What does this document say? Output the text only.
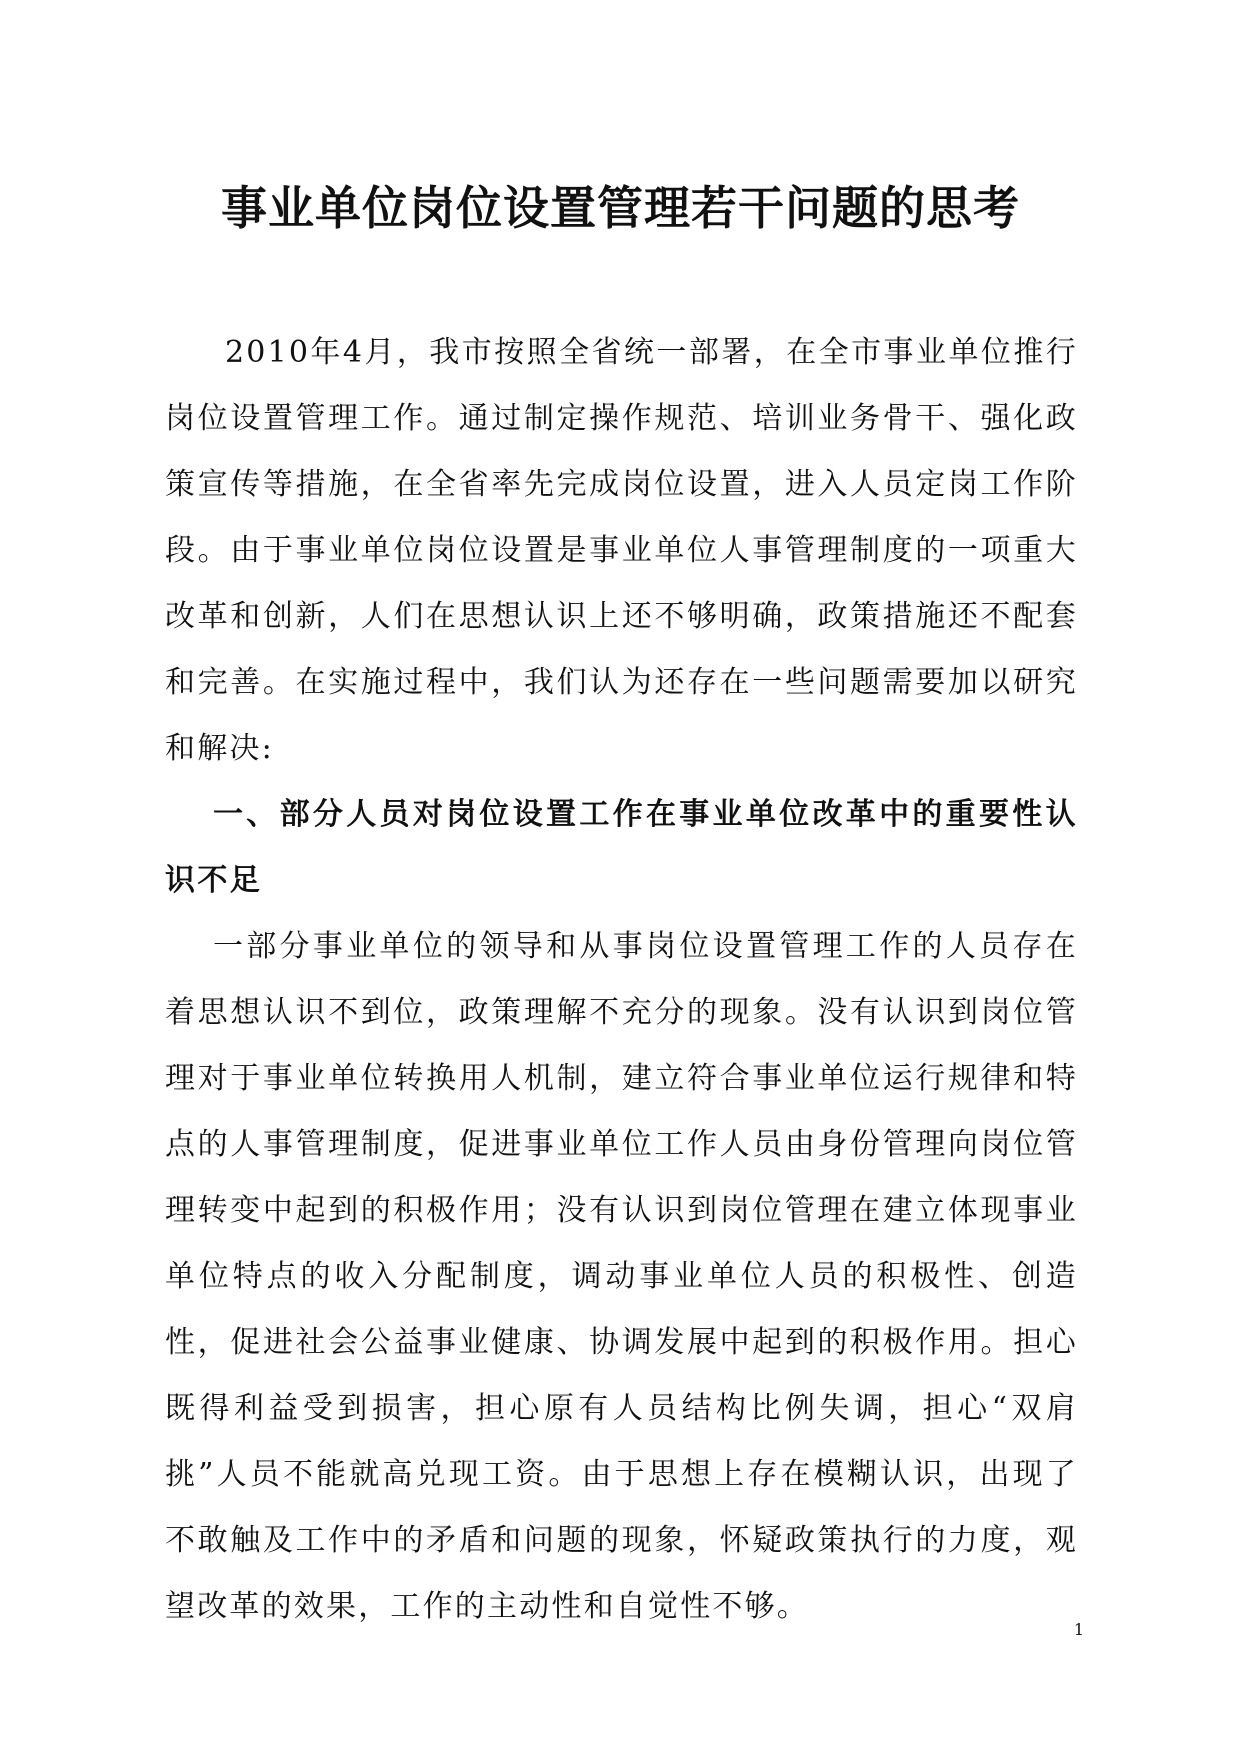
事业单位岗位设置管理若干问题的思考

2010年4月，我市按照全省统一部署，在全市事业单位推行岗位设置管理工作。通过制定操作规范、培训业务骨干、强化政策宣传等措施，在全省率先完成岗位设置，进入人员定岗工作阶段。由于事业单位岗位设置是事业单位人事管理制度的一项重大改革和创新，人们在思想认识上还不够明确，政策措施还不配套和完善。在实施过程中，我们认为还存在一些问题需要加以研究和解决:

一、部分人员对岗位设置工作在事业单位改革中的重要性认识不足

一部分事业单位的领导和从事岗位设置管理工作的人员存在着思想认识不到位，政策理解不充分的现象。没有认识到岗位管理对于事业单位转换用人机制，建立符合事业单位运行规律和特点的人事管理制度，促进事业单位工作人员由身份管理向岗位管理转变中起到的积极作用；没有认识到岗位管理在建立体现事业单位特点的收入分配制度，调动事业单位人员的积极性、创造性，促进社会公益事业健康、协调发展中起到的积极作用。担心既得利益受到损害，担心原有人员结构比例失调，担心“双肩挑”人员不能就高兑现工资。由于思想上存在模糊认识，出现了不敢触及工作中的矛盾和问题的现象，怀疑政策执行的力度，观望改革的效果，工作的主动性和自觉性不够。

1
